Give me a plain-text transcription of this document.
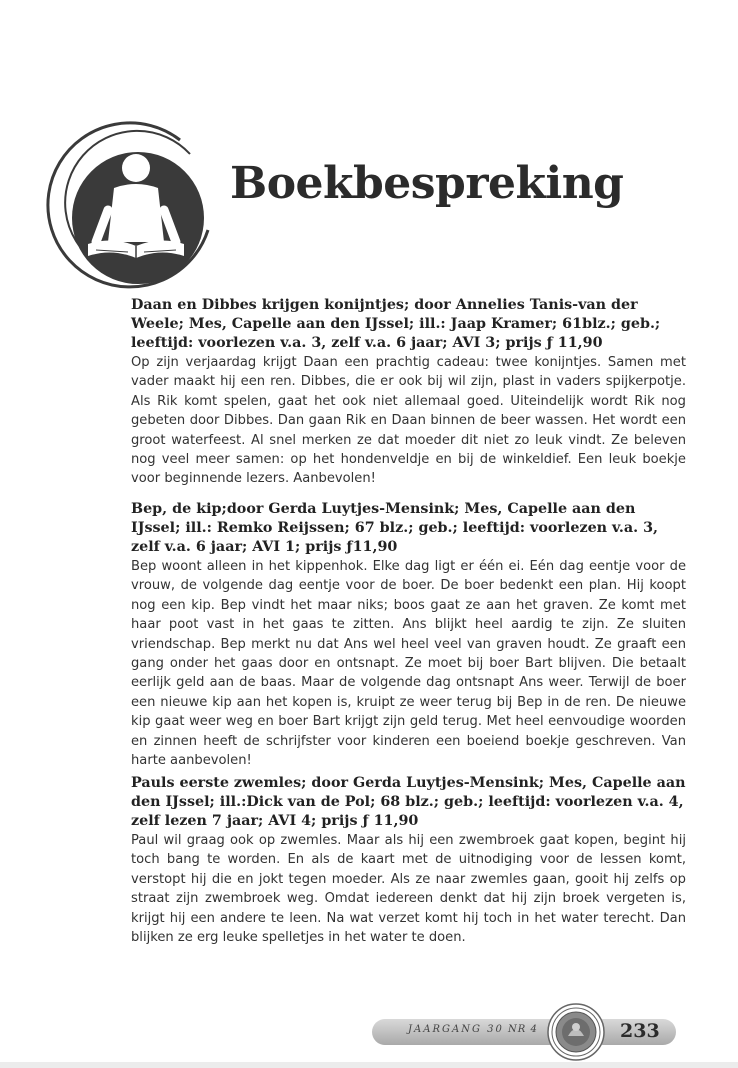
Boekbespreking

Daan en Dibbes krijgen konijntjes; door Annelies Tanis-van der Weele; Mes, Capelle aan den IJssel; ill.: Jaap Kramer; 61blz.; geb.; leeftijd: voorlezen v.a. 3, zelf v.a. 6 jaar; AVI 3; prijs ƒ 11,90

Op zijn verjaardag krijgt Daan een prachtig cadeau: twee konijntjes. Samen met vader maakt hij een ren. Dibbes, die er ook bij wil zijn, plast in vaders spijkerpotje. Als Rik komt spelen, gaat het ook niet allemaal goed. Uiteindelijk wordt Rik nog gebeten door Dibbes. Dan gaan Rik en Daan binnen de beer wassen. Het wordt een groot waterfeest. Al snel merken ze dat moeder dit niet zo leuk vindt. Ze beleven nog veel meer samen: op het hondenveldje en bij de winkeldief. Een leuk boekje voor beginnende lezers. Aanbevolen!

Bep, de kip;door Gerda Luytjes-Mensink; Mes, Capelle aan den IJssel; ill.: Remko Reijssen; 67 blz.; geb.; leeftijd: voorlezen v.a. 3, zelf v.a. 6 jaar; AVI 1; prijs ƒ11,90

Bep woont alleen in het kippenhok. Elke dag ligt er één ei. Eén dag eentje voor de vrouw, de volgende dag eentje voor de boer. De boer bedenkt een plan. Hij koopt nog een kip. Bep vindt het maar niks; boos gaat ze aan het graven. Ze komt met haar poot vast in het gaas te zitten. Ans blijkt heel aardig te zijn. Ze sluiten vriendschap. Bep merkt nu dat Ans wel heel veel van graven houdt. Ze graaft een gang onder het gaas door en ontsnapt. Ze moet bij boer Bart blijven. Die betaalt eerlijk geld aan de baas. Maar de volgende dag ontsnapt Ans weer. Terwijl de boer een nieuwe kip aan het kopen is, kruipt ze weer terug bij Bep in de ren. De nieuwe kip gaat weer weg en boer Bart krijgt zijn geld terug. Met heel eenvoudige woorden en zinnen heeft de schrijfster voor kinderen een boeiend boekje geschreven. Van harte aanbevolen!

Pauls eerste zwemles; door Gerda Luytjes-Mensink; Mes, Capelle aan den IJssel; ill.:Dick van de Pol; 68 blz.; geb.; leeftijd: voorlezen v.a. 4, zelf lezen 7 jaar; AVI 4; prijs ƒ 11,90

Paul wil graag ook op zwemles. Maar als hij een zwembroek gaat kopen, begint hij toch bang te worden. En als de kaart met de uitnodiging voor de lessen komt, verstopt hij die en jokt tegen moeder. Als ze naar zwemles gaan, gooit hij zelfs op straat zijn zwembroek weg. Omdat iedereen denkt dat hij zijn broek vergeten is, krijgt hij een andere te leen. Na wat verzet komt hij toch in het water terecht. Dan blijken ze erg leuke spelletjes in het water te doen.

JAARGANG 30 NR 4	233
